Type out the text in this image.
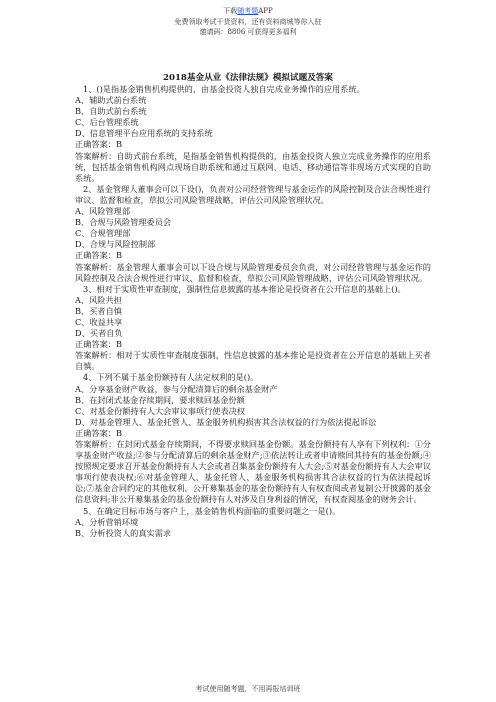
下载随考题APP
免费领取考试干货资料，还有资料商城等你入驻
邀请码：8806 可获得更多福利
2018基金从业《法律法规》模拟试题及答案

1、()是指基金销售机构提供的，由基金投资人独自完成业务操作的应用系统。

A、辅助式前台系统

B、自助式前台系统

C、后台管理系统

D、信息管理平台应用系统的支持系统

正确答案：B

答案解析：自助式前台系统，是指基金销售机构提供的，由基金投资人独立完成业务操作的应用系统，包括基金销售机构网点现场自助系统和通过互联网、电话、移动通信等非现场方式实现的自助系统。

2、基金管理人董事会可以下设()，负责对公司经营管理与基金运作的风险控制及合法合规性进行审议、监督和检查，草拟公司风险管理战略，评估公司风险管理状况。

A、风险管理部

B、合规与风险管理委员会

C、合规管理部

D、合规与风险控制部

正确答案：B

答案解析：基金管理人董事会可以下设合规与风险管理委员会负责，对公司经营管理与基金运作的风险控制及合法合规性进行审议、监督和检查，草拟公司风险管理战略，评估公司风险管理状况。

3、相对于实质性审查制度，强制性信息披露的基本推论是投资者在公开信息的基础上()。

A、风险共担

B、买者自慎

C、收益共享

D、买者自负

正确答案：B

答案解析：相对于实质性审查制度强制，性信息披露的基本推论是投资者在公开信息的基础上买者自慎。

4、下列不属于基金份额持有人法定权利的是()。

A、分享基金财产收益，参与分配清算后的剩余基金财产

B、在封闭式基金存续期间，要求赎回基金份额

C、对基金份额持有人大会审议事项行使表决权

D、对基金管理人、基金托管人、基金服务机构损害其合法权益的行为依法提起诉讼

正确答案：B

答案解析：在封闭式基金存续期间，不得要求赎回基金份额。基金份额持有人享有下列权利：①分享基金财产收益;②参与分配清算后的剩余基金财产;③依法转让或者申请赎回其持有的基金份额;④按照规定要求召开基金份额持有人大会或者召集基金份额持有人大会;⑤对基金份额持有人大会审议事项行使表决权;⑥对基金管理人、基金托管人、基金服务机构损害其合法权益的行为依法提起诉讼;⑦基金合同约定的其他权利。公开募集基金的基金份额持有人有权查阅或者复制公开披露的基金信息资料;非公开募集基金的基金份额持有人对涉及自身利益的情况，有权查阅基金的财务会计。

5、在确定目标市场与客户上，基金销售机构面临的重要问题之一是()。

A、分析营销环境

B、分析投资人的真实需求

考试使用随考题，不用再报培训班
